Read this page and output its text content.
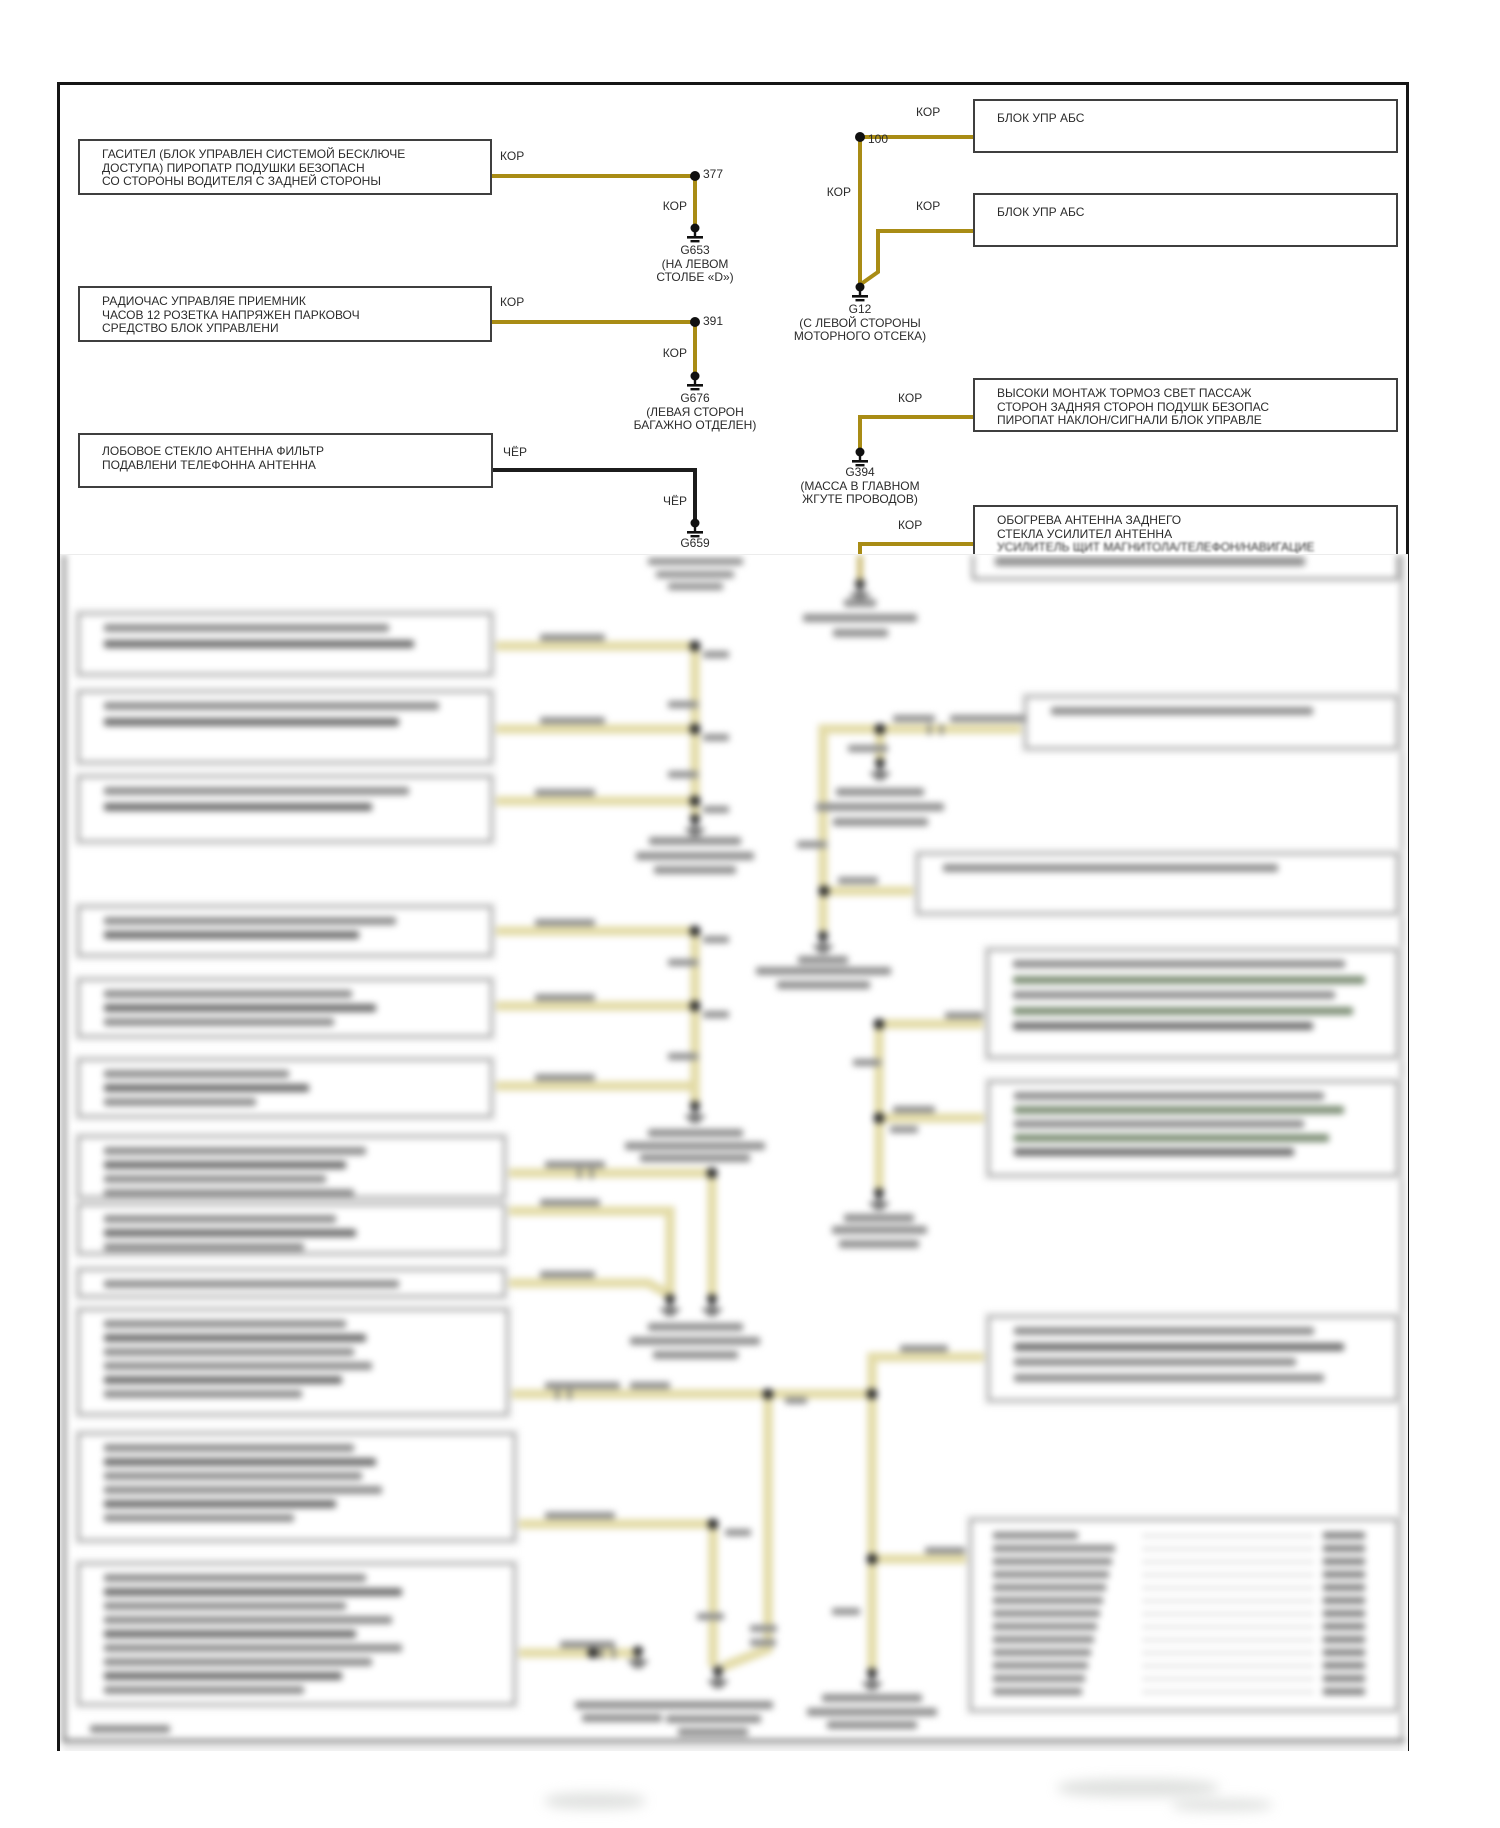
ГАСИТЕЛ (БЛОК УПРАВЛЕН СИСТЕМОЙ БЕСКЛЮЧЕ
ДОСТУПА) ПИРОПАТР ПОДУШКИ БЕЗОПАСН
СО СТОРОНЫ ВОДИТЕЛЯ С ЗАДНЕЙ СТОРОНЫ
РАДИОЧАС УПРАВЛЯЕ ПРИЕМНИК
ЧАСОВ 12 РОЗЕТКА НАПРЯЖЕН ПАРКОВОЧ
СРЕДСТВО БЛОК УПРАВЛЕНИ
ЛОБОВОЕ СТЕКЛО АНТЕННА ФИЛЬТР
ПОДАВЛЕНИ ТЕЛЕФОННА АНТЕННА
БЛОК УПР АБС
БЛОК УПР АБС
ВЫСОКИ МОНТАЖ ТОРМОЗ СВЕТ ПАССАЖ
СТОРОН ЗАДНЯЯ СТОРОН ПОДУШК БЕЗОПАС
ПИРОПАТ НАКЛОН/СИГНАЛИ БЛОК УПРАВЛЕ
ОБОГРЕВА АНТЕННА ЗАДНЕГО
СТЕКЛА УСИЛИТЕЛ АНТЕННА
УСИЛИТЕЛЬ ЩИТ МАГНИТОЛА/ТЕЛЕФОН/НАВИГАЦИЕ
КОР
377
КОР
КОР
391
КОР
ЧЁР
ЧЁР
100
КОР
КОР
КОР
КОР
КОР
G653
(НА ЛЕВОМ
СТОЛБЕ «D»)
G676
(ЛЕВАЯ СТОРОН
БАГАЖНО ОТДЕЛЕН)
G659
G12
(С ЛЕВОЙ СТОРОНЫ
МОТОРНОГО ОТСЕКА)
G394
(МАССА В ГЛАВНОМ
ЖГУТЕ ПРОВОДОВ)
